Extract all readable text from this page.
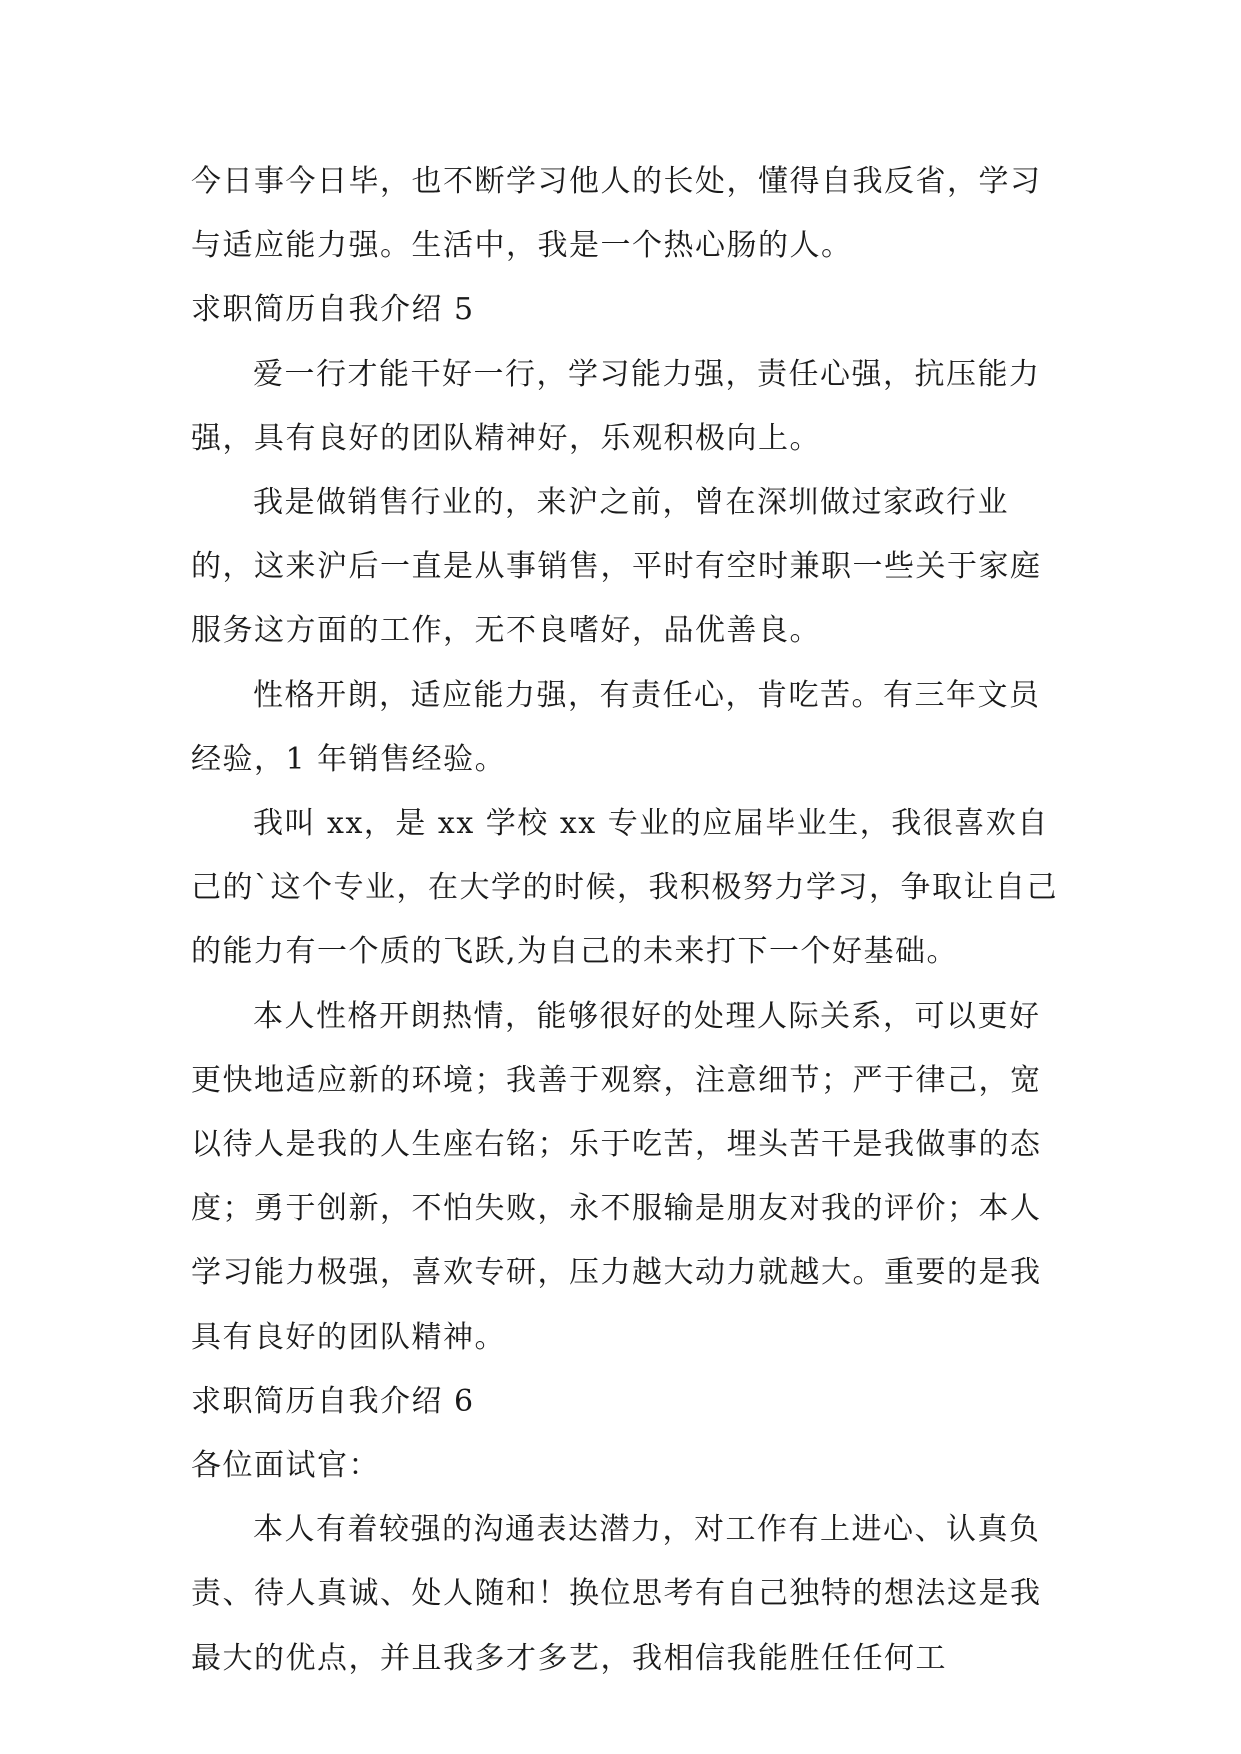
今日事今日毕，也不断学习他人的长处，懂得自我反省，学习与适应能力强。生活中，我是一个热心肠的人。

求职简历自我介绍 5

爱一行才能干好一行，学习能力强，责任心强，抗压能力强，具有良好的团队精神好，乐观积极向上。

我是做销售行业的，来沪之前，曾在深圳做过家政行业的，这来沪后一直是从事销售，平时有空时兼职一些关于家庭服务这方面的工作，无不良嗜好，品优善良。

性格开朗，适应能力强，有责任心，肯吃苦。有三年文员经验，1 年销售经验。

我叫 xx，是 xx 学校 xx 专业的应届毕业生，我很喜欢自己的`这个专业，在大学的时候，我积极努力学习，争取让自己的能力有一个质的飞跃,为自己的未来打下一个好基础。

本人性格开朗热情，能够很好的处理人际关系，可以更好更快地适应新的环境；我善于观察，注意细节；严于律己，宽以待人是我的人生座右铭；乐于吃苦，埋头苦干是我做事的态度；勇于创新，不怕失败，永不服输是朋友对我的评价；本人学习能力极强，喜欢专研，压力越大动力就越大。重要的是我具有良好的团队精神。

求职简历自我介绍 6

各位面试官：

本人有着较强的沟通表达潜力，对工作有上进心、认真负责、待人真诚、处人随和！换位思考有自己独特的想法这是我最大的优点，并且我多才多艺，我相信我能胜任任何工
